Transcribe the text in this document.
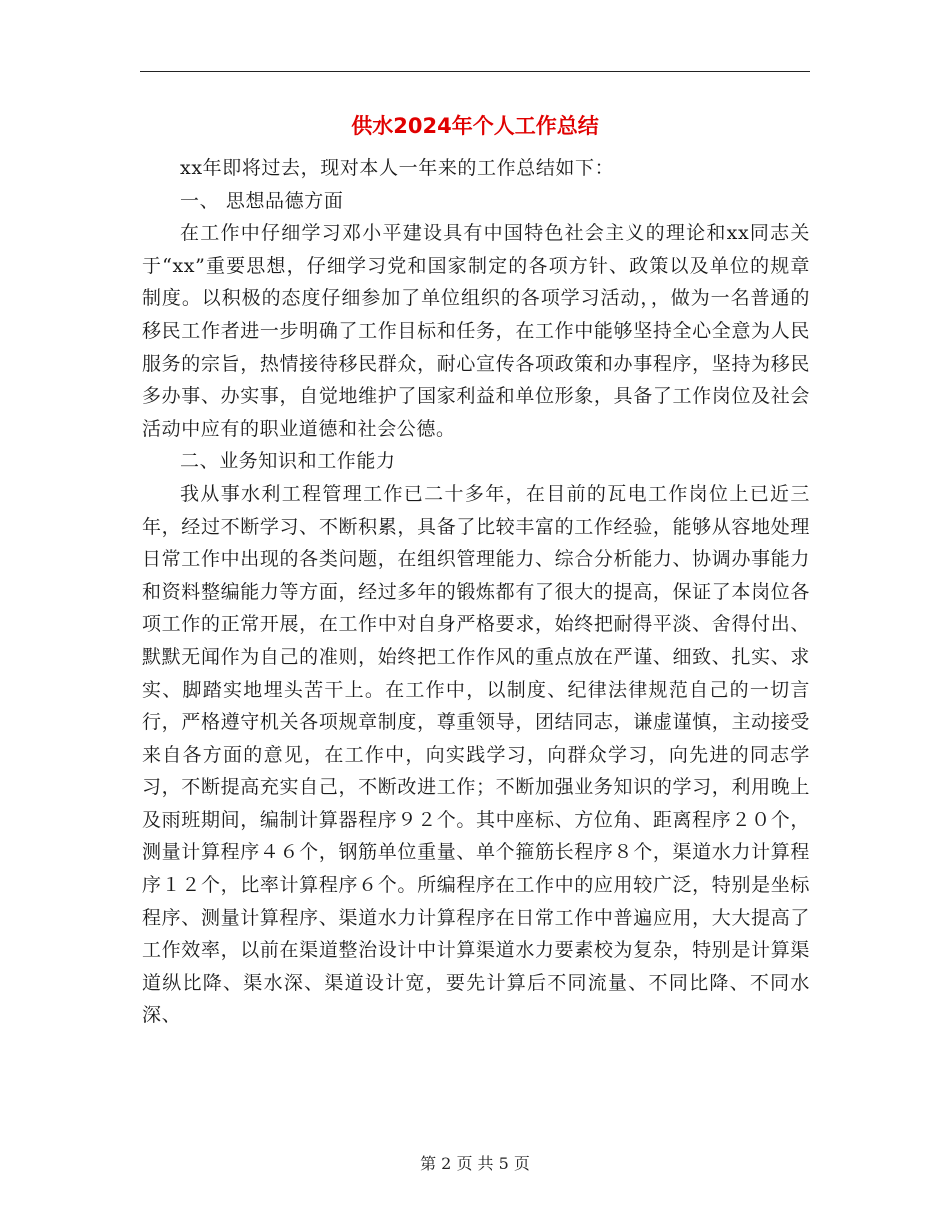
供水2024年个人工作总结

xx年即将过去，现对本人一年来的工作总结如下：

一、 思想品德方面

在工作中仔细学习邓小平建设具有中国特色社会主义的理论和xx同志关于“xx”重要思想，仔细学习党和国家制定的各项方针、政策以及单位的规章制度。以积极的态度仔细参加了单位组织的各项学习活动，，做为一名普通的移民工作者进一步明确了工作目标和任务，在工作中能够坚持全心全意为人民服务的宗旨，热情接待移民群众，耐心宣传各项政策和办事程序，坚持为移民多办事、办实事，自觉地维护了国家利益和单位形象，具备了工作岗位及社会活动中应有的职业道德和社会公德。

二、业务知识和工作能力

我从事水利工程管理工作已二十多年，在目前的瓦电工作岗位上已近三年，经过不断学习、不断积累，具备了比较丰富的工作经验，能够从容地处理日常工作中出现的各类问题，在组织管理能力、综合分析能力、协调办事能力和资料整编能力等方面，经过多年的锻炼都有了很大的提高，保证了本岗位各项工作的正常开展，在工作中对自身严格要求，始终把耐得平淡、舍得付出、默默无闻作为自己的准则，始终把工作作风的重点放在严谨、细致、扎实、求实、脚踏实地埋头苦干上。在工作中，以制度、纪律法律规范自己的一切言行，严格遵守机关各项规章制度，尊重领导，团结同志，谦虚谨慎，主动接受来自各方面的意见，在工作中，向实践学习，向群众学习，向先进的同志学习，不断提高充实自己，不断改进工作；不断加强业务知识的学习，利用晚上及雨班期间，编制计算器程序９２个。其中座标、方位角、距离程序２０个，测量计算程序４６个，钢筋单位重量、单个箍筋长程序８个，渠道水力计算程序１２个，比率计算程序６个。所编程序在工作中的应用较广泛，特别是坐标程序、测量计算程序、渠道水力计算程序在日常工作中普遍应用，大大提高了工作效率，以前在渠道整治设计中计算渠道水力要素校为复杂，特别是计算渠道纵比降、渠水深、渠道设计宽，要先计算后不同流量、不同比降、不同水深、

第 2 页 共 5 页
